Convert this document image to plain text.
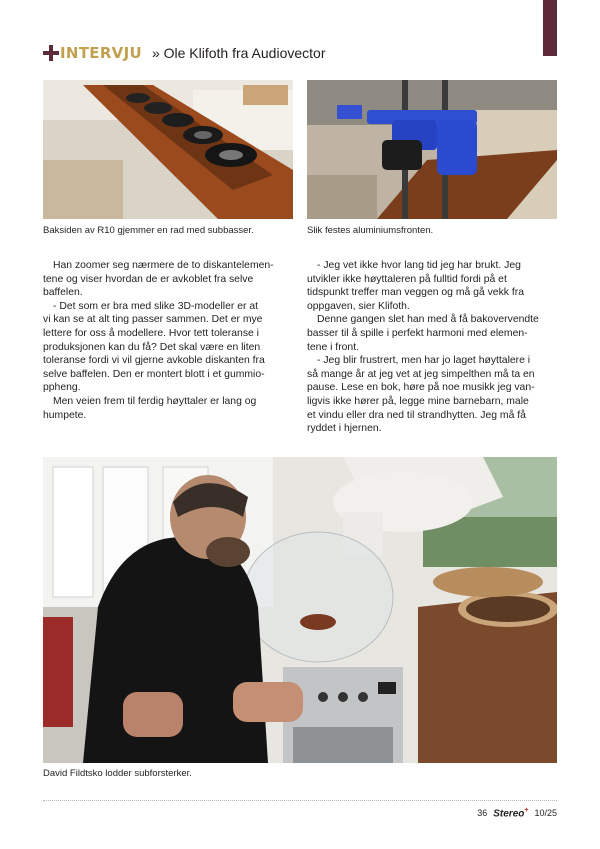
INTERVJU » Ole Klifoth fra Audiovector
Baksiden av R10 gjemmer en rad med subbasser.	Slik festes aluminiumsfronten.

Han zoomer seg nærmere de to diskantelemen-
tene og viser hvordan de er avkoblet fra selve
baffelen.

- Det som er bra med slike 3D-modeller er at
vi kan se at alt ting passer sammen. Det er mye
lettere for oss å modellere. Hvor tett toleranse i
produksjonen kan du få? Det skal være en liten
toleranse fordi vi vil gjerne avkoble diskanten fra
selve baffelen. Den er montert blott i et gummio-
ppheng.

Men veien frem til ferdig høyttaler er lang og
humpete.

- Jeg vet ikke hvor lang tid jeg har brukt. Jeg
utvikler ikke høyttaleren på fulltid fordi på et
tidspunkt treffer man veggen og må gå vekk fra
oppgaven, sier Klifoth.

Denne gangen slet han med å få bakovervendte
basser til å spille i perfekt harmoni med elemen-
tene i front.

- Jeg blir frustrert, men har jo laget høyttalere i
så mange år at jeg vet at jeg simpelthen må ta en
pause. Lese en bok, høre på noe musikk jeg van-
ligvis ikke hører på, legge mine barnebarn, male
et vindu eller dra ned til strandhytten. Jeg må få
ryddet i hjernen.

David Fildtsko lodder subforsterker.
36 Stereo+ 10/25
